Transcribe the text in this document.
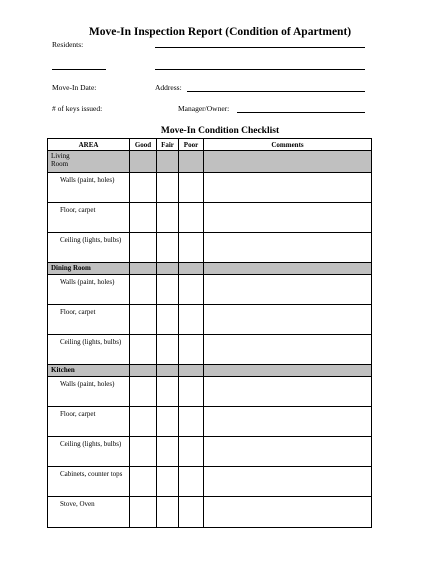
Move-In Inspection Report (Condition of Apartment)
Residents:
Move-In Date:	Address:
# of keys issued:	Manager/Owner:
Move-In Condition Checklist
AREA	Good	Fair	Poor	Comments

Living Room				

Walls (paint, holes)				

Floor, carpet				

Ceiling (lights, bulbs)				

Dining Room				

Walls (paint, holes)				

Floor, carpet				

Ceiling (lights, bulbs)				

Kitchen				

Walls (paint, holes)				

Floor, carpet				

Ceiling (lights, bulbs)				

Cabinets, counter tops				

Stove, Oven				
